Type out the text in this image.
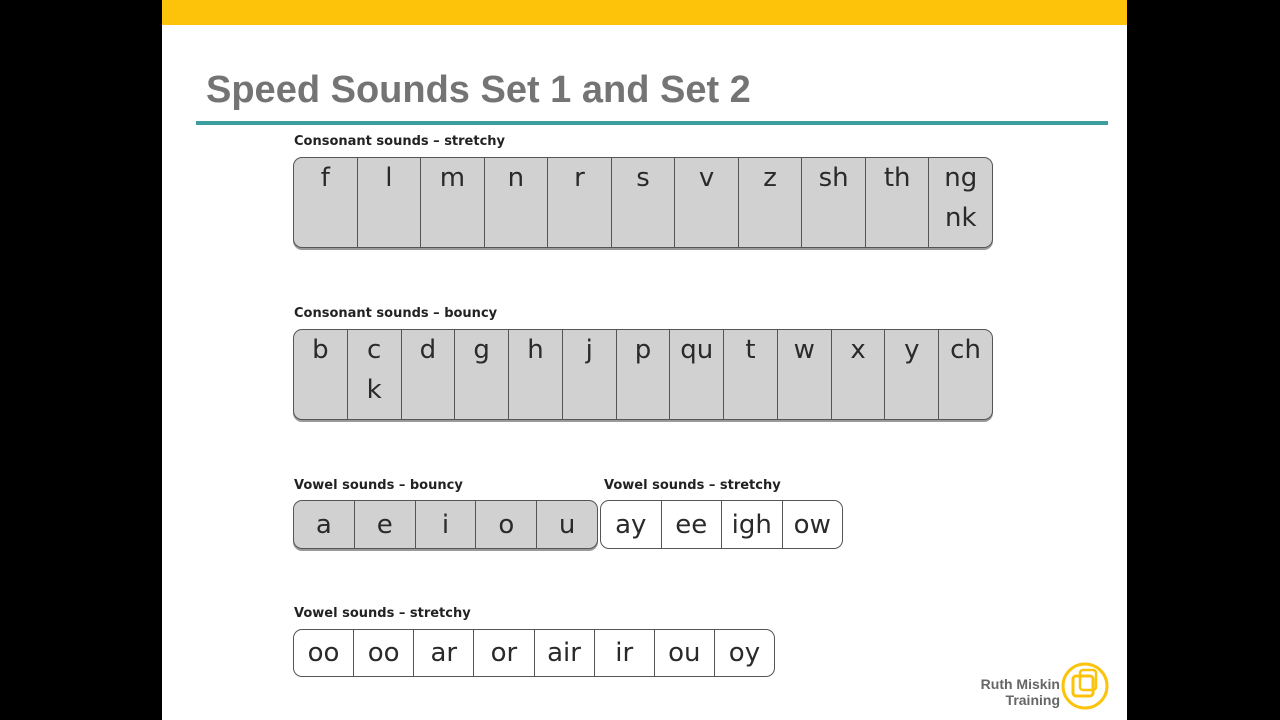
Speed Sounds Set 1 and Set 2
Consonant sounds – stretchy
f l m n r s v z sh th ng
nk
Consonant sounds – bouncy
b c
k
d g h j p qu t w x y ch
Vowel sounds – bouncy
a e i o u
Vowel sounds – stretchy
ay ee igh ow
Vowel sounds – stretchy
oo oo ar or air ir ou oy
Ruth Miskin
Training
